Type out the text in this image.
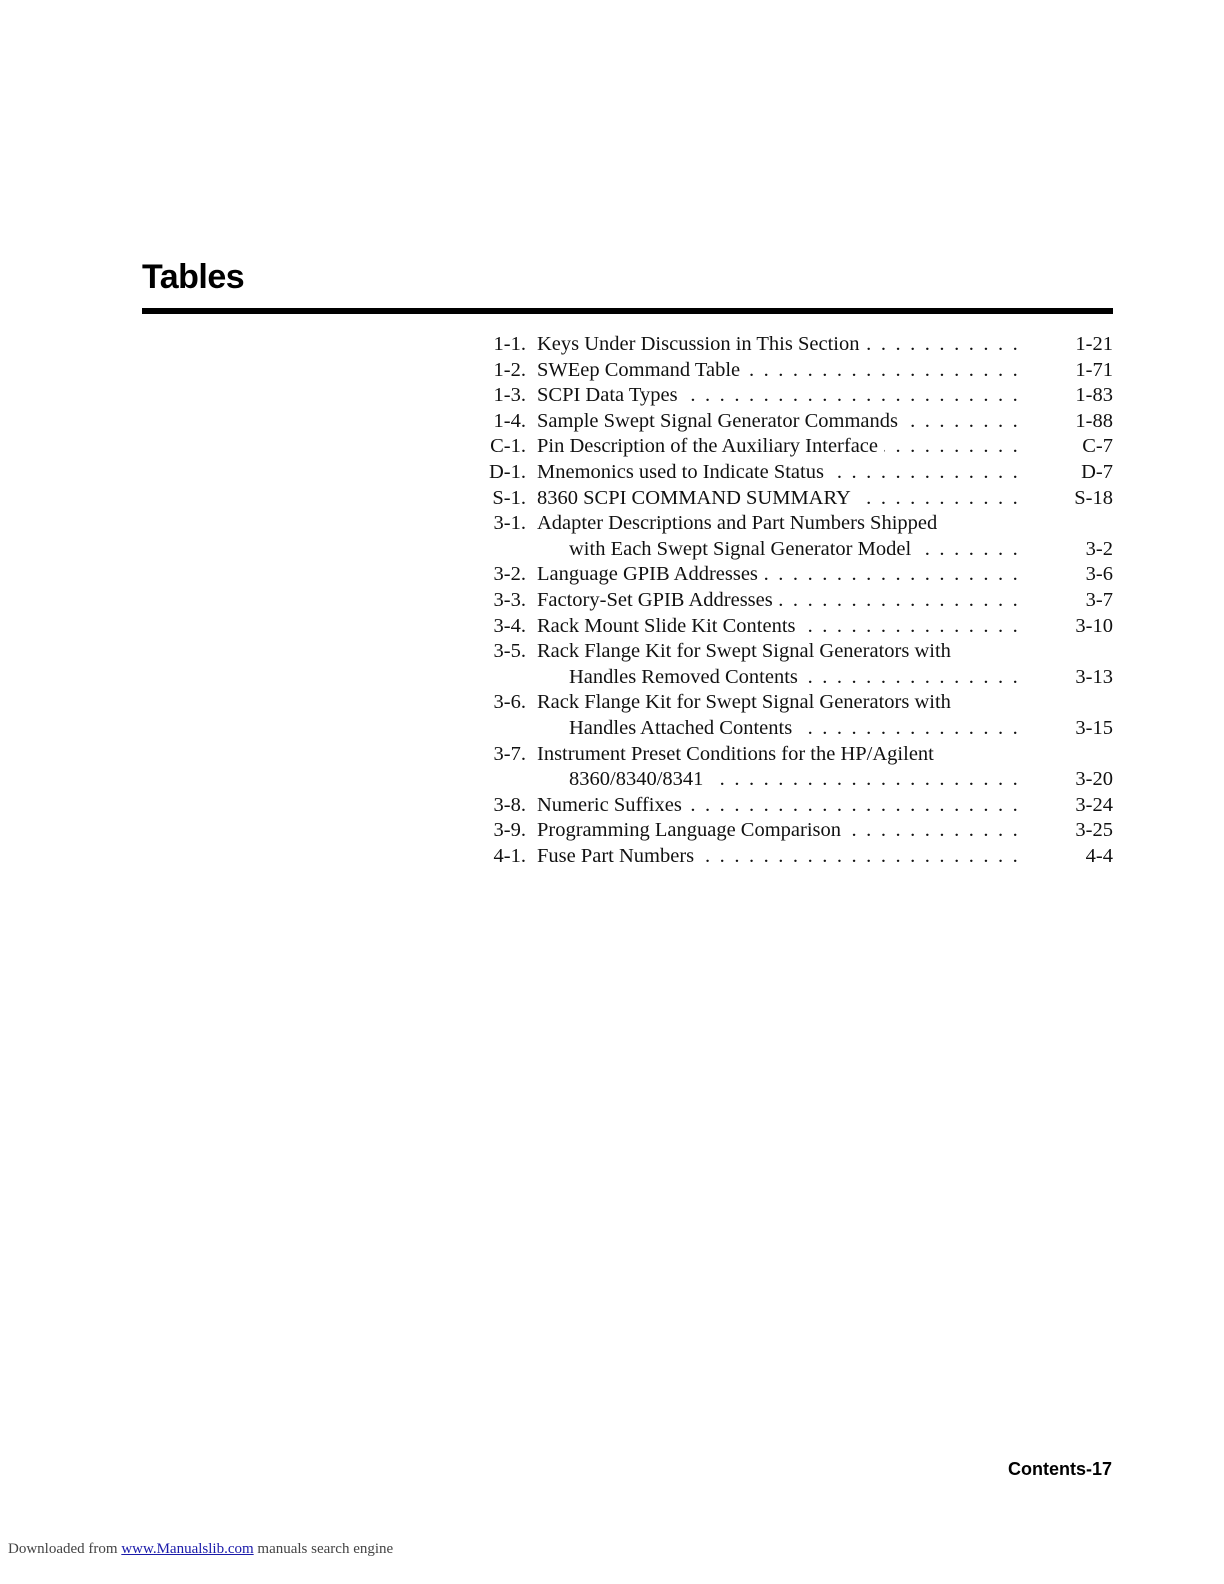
Tables
1-1. Keys Under Discussion in This Section . . .	1-21
1-2. SWEep Command Table . . .	1-71
1-3. SCPI Data Types . . .	1-83
1-4. Sample Swept Signal Generator Commands . . .	1-88
C-1. Pin Description of the Auxiliary Interface . . .	C-7
D-1. Mnemonics used to Indicate Status . . .	D-7
S-1. 8360 SCPI COMMAND SUMMARY . . .	S-18
3-1. Adapter Descriptions and Part Numbers Shipped
with Each Swept Signal Generator Model . . .	3-2
3-2. Language GPIB Addresses . . .	3-6
3-3. Factory-Set GPIB Addresses . . .	3-7
3-4. Rack Mount Slide Kit Contents . . .	3-10
3-5. Rack Flange Kit for Swept Signal Generators with
Handles Removed Contents . . .	3-13
3-6. Rack Flange Kit for Swept Signal Generators with
Handles Attached Contents . . .	3-15
3-7. Instrument Preset Conditions for the HP/Agilent
8360/8340/8341 . . .	3-20
3-8. Numeric Suffixes . . .	3-24
3-9. Programming Language Comparison . . .	3-25
4-1. Fuse Part Numbers . . .	4-4
Contents-17
Downloaded from www.Manualslib.com manuals search engine
